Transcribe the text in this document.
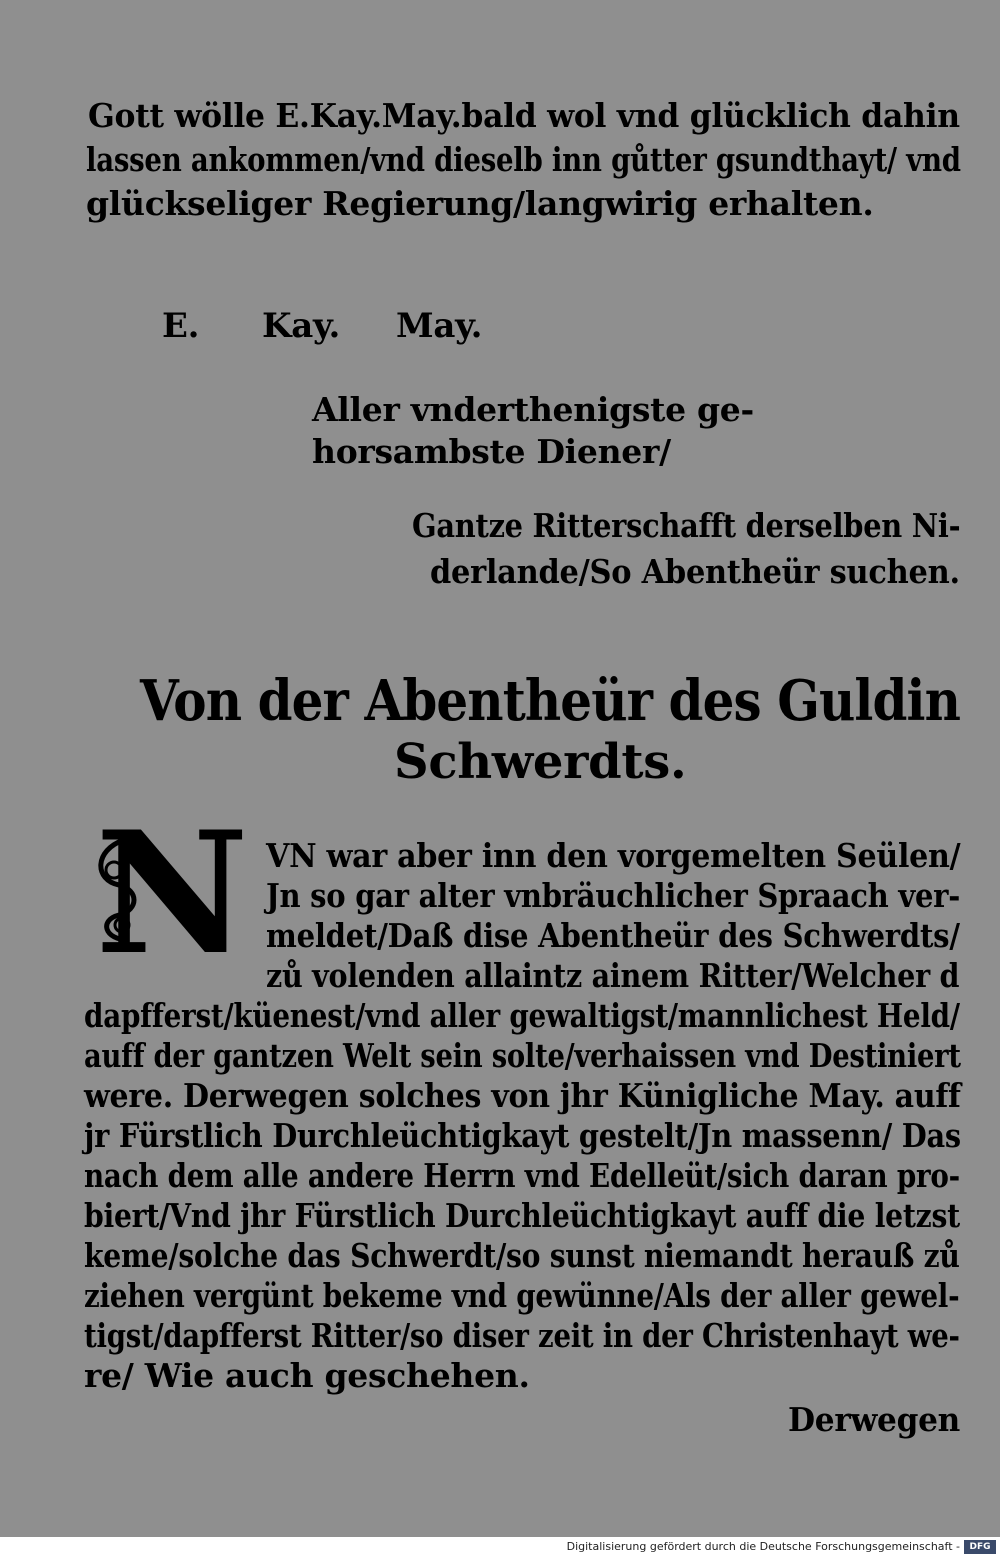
Gott wölle E.Kay.May.bald wol vnd glücklich dahin
lassen ankommen/vnd dieselb inn gůtter gsundthayt/ vnd
glückseliger Regierung/langwirig erhalten.
E. Kay. May.
Aller vnderthenigste ge-
horsambste Diener/
Gantze Ritterschafft derselben Ni-
derlande/So Abentheür suchen.
Von der Abentheür des Guldin
Schwerdts.
N VN war aber inn den vorgemelten Seülen/
Jn so gar alter vnbräuchlicher Spraach ver-
meldet/Daß dise Abentheür des Schwerdts/
zů volenden allaintz ainem Ritter/Welcher d
dapfferst/küenest/vnd aller gewaltigst/mannlichest Held/
auff der gantzen Welt sein solte/verhaissen vnd Destiniert
were. Derwegen solches von jhr Künigliche May. auff
jr Fürstlich Durchleüchtigkayt gestelt/Jn massenn/ Das
nach dem alle andere Herrn vnd Edelleüt/sich daran pro-
biert/Vnd jhr Fürstlich Durchleüchtigkayt auff die letzst
keme/solche das Schwerdt/so sunst niemandt herauß zů
ziehen vergünt bekeme vnd gewünne/Als der aller gewel-
tigst/dapfferst Ritter/so diser zeit in der Christenhayt we-
re/ Wie auch geschehen.
Derwegen
Digitalisierung gefördert durch die Deutsche Forschungsgemeinschaft -	DFG
